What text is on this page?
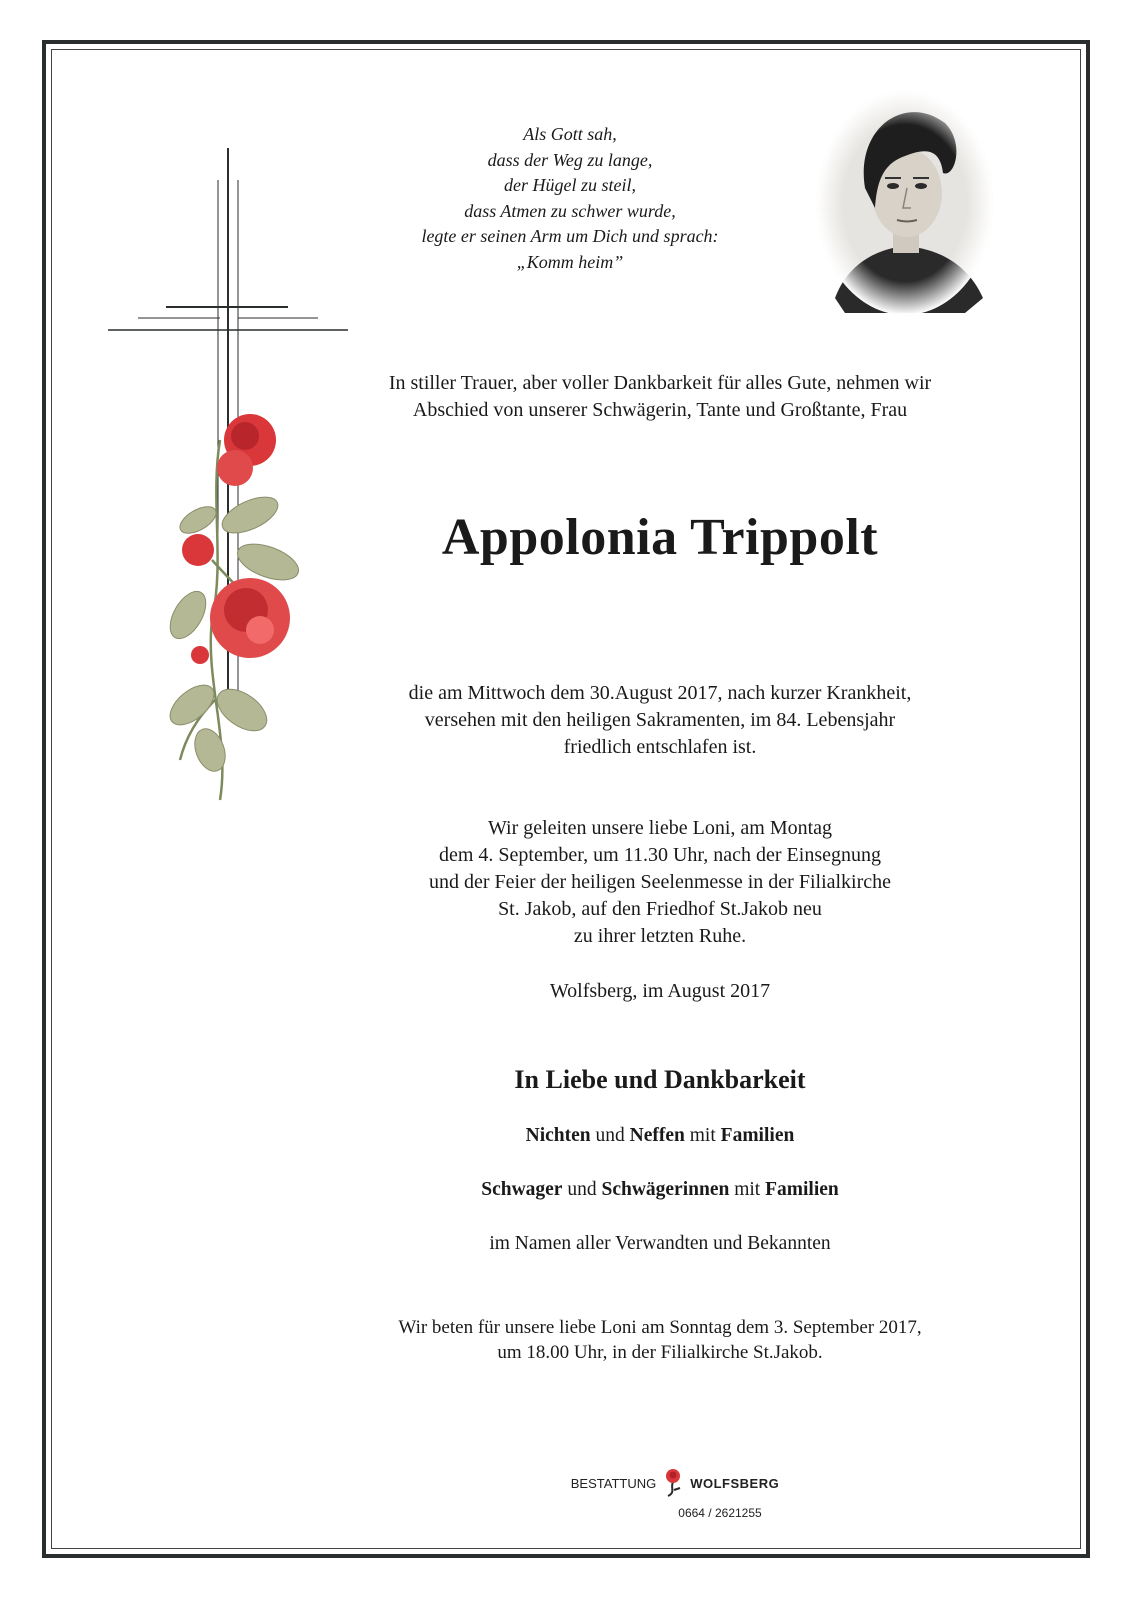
Als Gott sah,
dass der Weg zu lange,
der Hügel zu steil,
dass Atmen zu schwer wurde,
legte er seinen Arm um Dich und sprach:
„Komm heim”
In stiller Trauer, aber voller Dankbarkeit für alles Gute, nehmen wir
Abschied von unserer Schwägerin, Tante und Großtante, Frau
Appolonia Trippolt
die am Mittwoch dem 30.August 2017, nach kurzer Krankheit,
versehen mit den heiligen Sakramenten, im 84. Lebensjahr
friedlich entschlafen ist.
Wir geleiten unsere liebe Loni, am Montag
dem 4. September, um 11.30 Uhr, nach der Einsegnung
und der Feier der heiligen Seelenmesse in der Filialkirche
St. Jakob, auf den Friedhof St.Jakob neu
zu ihrer letzten Ruhe.
Wolfsberg, im August 2017
In Liebe und Dankbarkeit
Nichten und Neffen mit Familien
Schwager und Schwägerinnen mit Familien
im Namen aller Verwandten und Bekannten
Wir beten für unsere liebe Loni am Sonntag dem 3. September 2017,
um 18.00 Uhr, in der Filialkirche St.Jakob.
BESTATTUNG	WOLFSBERG
0664 / 2621255
